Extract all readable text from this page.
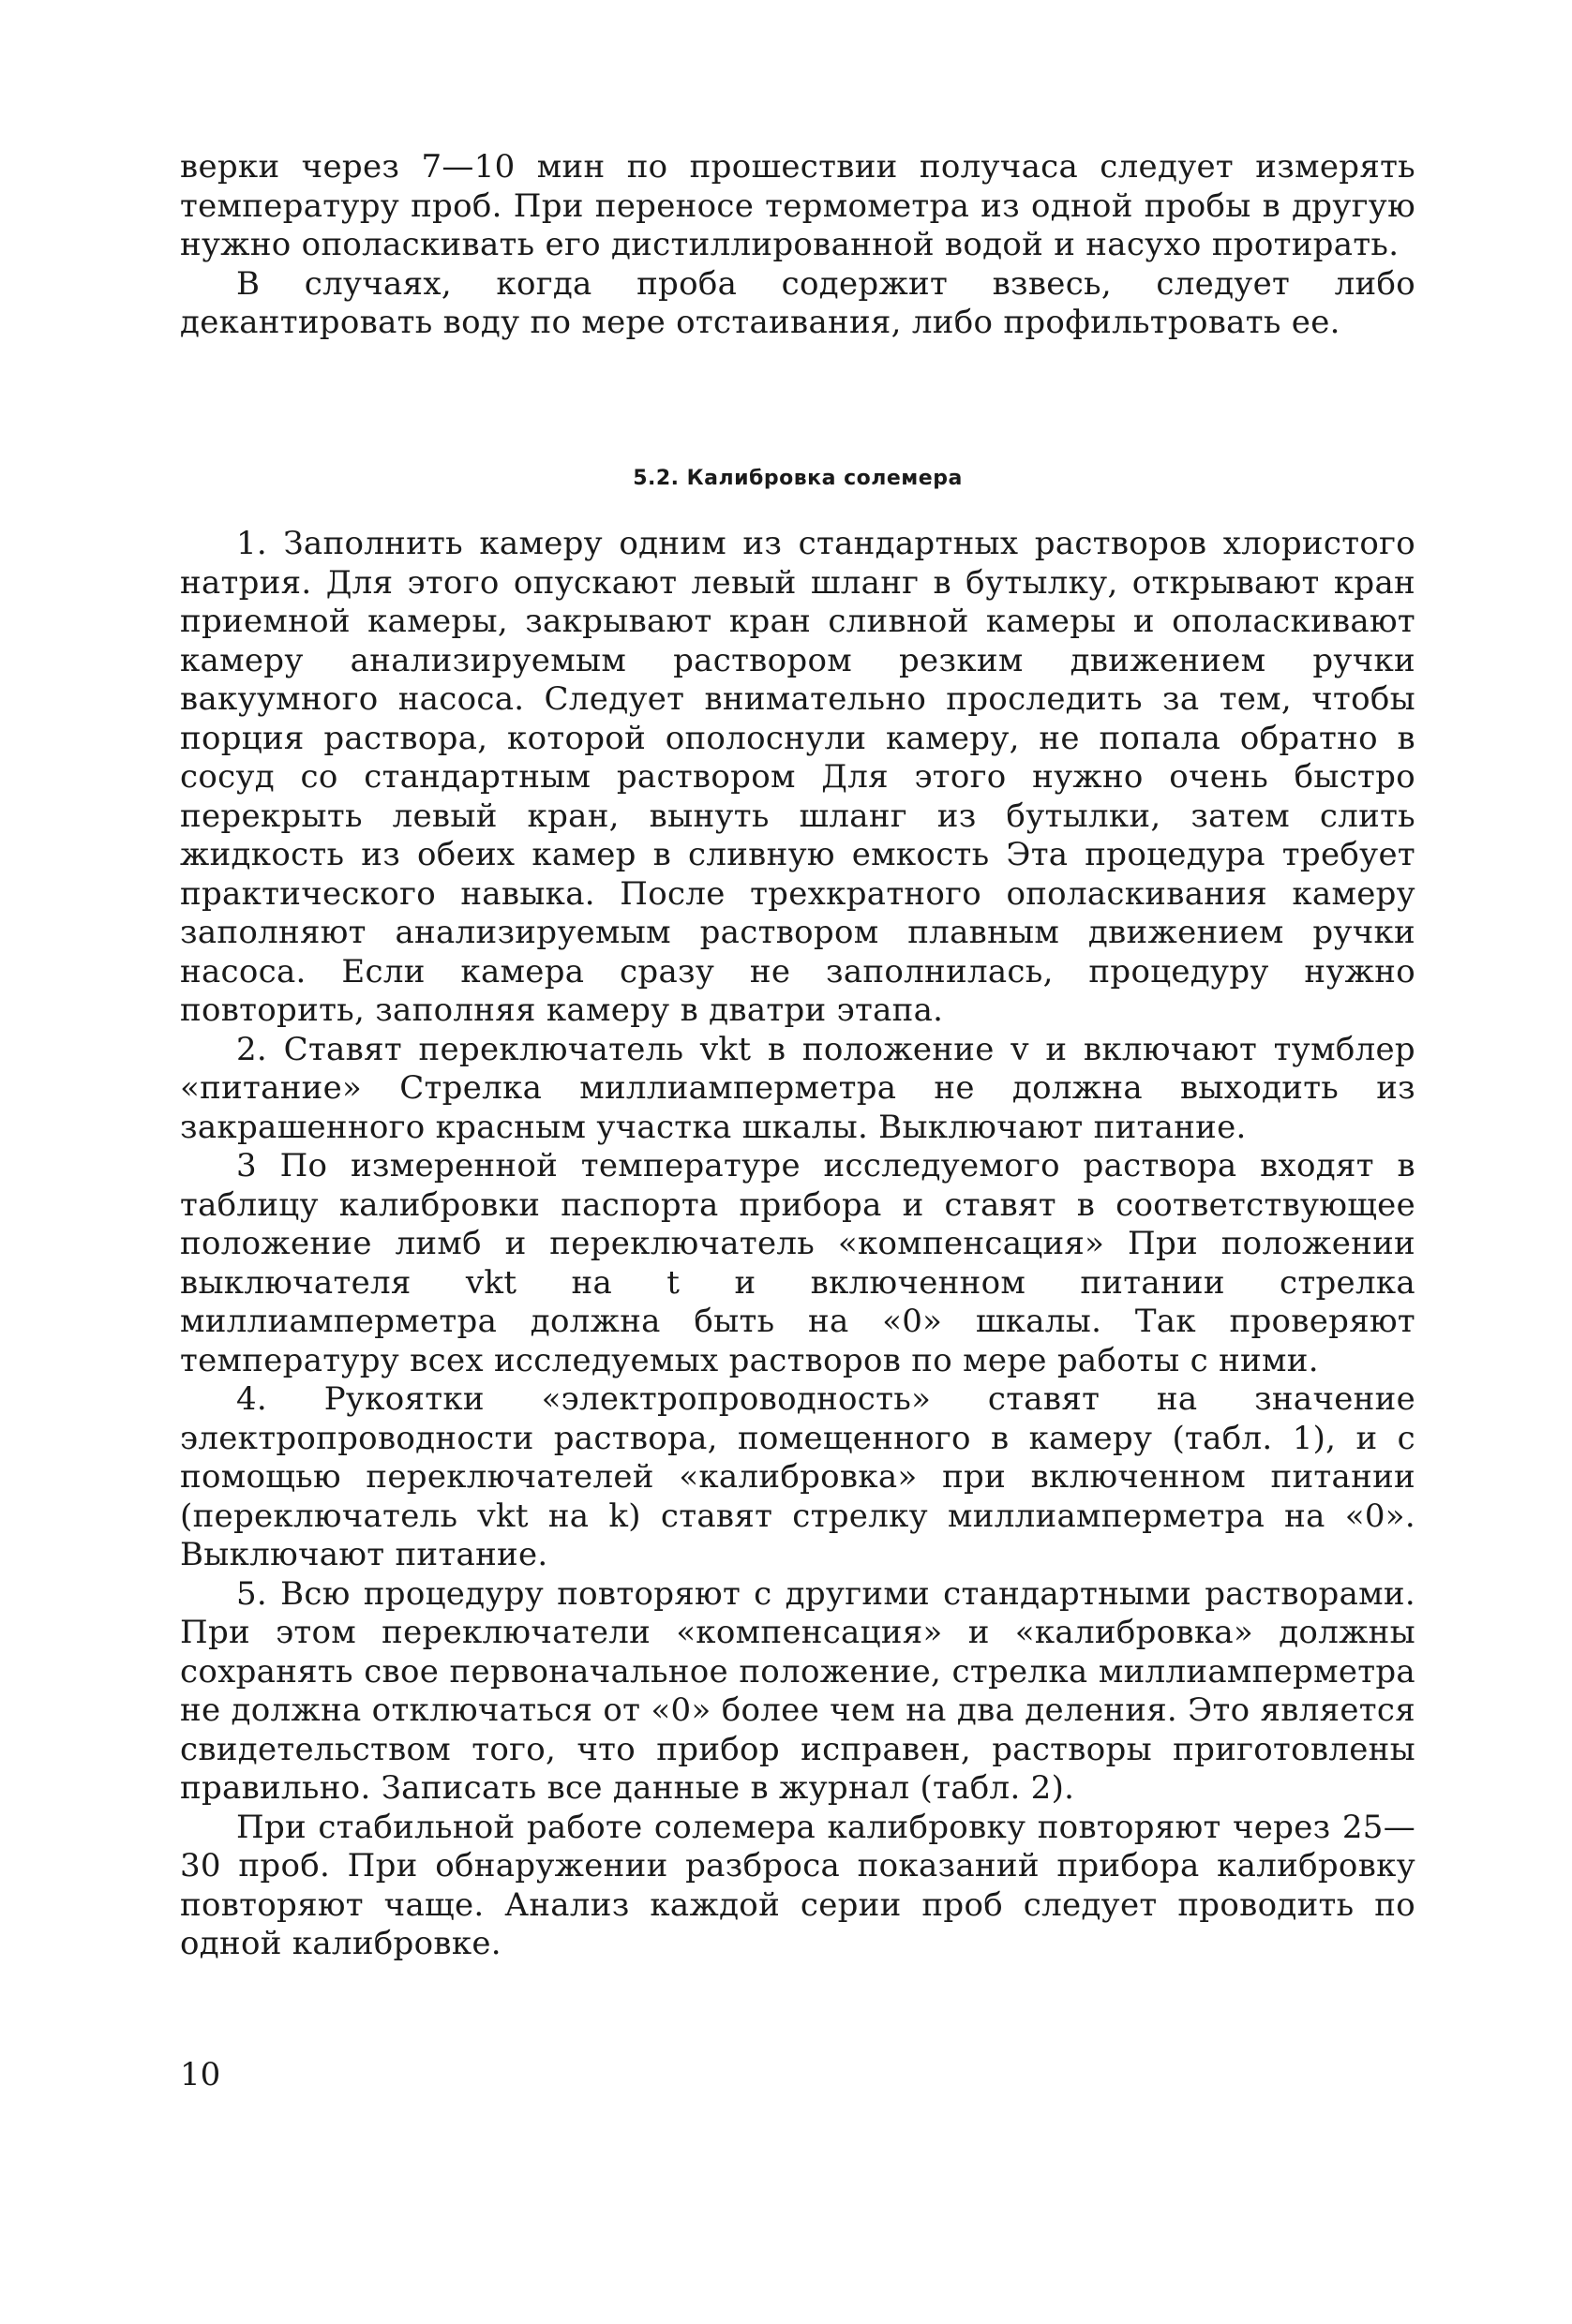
верки через 7—10 мин по прошествии получаса следует измерять температуру проб. При переносе термометра из одной пробы в другую нужно ополаскивать его дистиллированной водой и насухо протирать.

В случаях, когда проба содержит взвесь, следует либо декантировать воду по мере отстаивания, либо профильтровать ее.

5.2. Калибровка солемера

1. Заполнить камеру одним из стандартных растворов хлористого натрия. Для этого опускают левый шланг в бутылку, открывают кран приемной камеры, закрывают кран сливной камеры и ополаскивают камеру анализируемым раствором резким движением ручки вакуумного насоса. Следует внимательно проследить за тем, чтобы порция раствора, которой ополоснули камеру, не попала обратно в сосуд со стандартным раствором Для этого нужно очень быстро перекрыть левый кран, вынуть шланг из бутылки, затем слить жидкость из обеих камер в сливную емкость Эта процедура требует практического навыка. После трехкратного ополаскивания камеру заполняют анализируемым раствором плавным движением ручки насоса. Если камера сразу не заполнилась, процедуру нужно повторить, заполняя камеру в дватри этапа.

2. Ставят переключатель vkt в положение v и включают тумблер «питание» Стрелка миллиамперметра не должна выходить из закрашенного красным участка шкалы. Выключают питание.

3 По измеренной температуре исследуемого раствора входят в таблицу калибровки паспорта прибора и ставят в соответствующее положение лимб и переключатель «компенсация» При положении выключателя vkt на t и включенном питании стрелка миллиамперметра должна быть на «0» шкалы. Так проверяют температуру всех исследуемых растворов по мере работы с ними.

4. Рукоятки «электропроводность» ставят на значение электропроводности раствора, помещенного в камеру (табл. 1), и с помощью переключателей «калибровка» при включенном питании (переключатель vkt на k) ставят стрелку миллиамперметра на «0». Выключают питание.

5. Всю процедуру повторяют с другими стандартными растворами. При этом переключатели «компенсация» и «калибровка» должны сохранять свое первоначальное положение, стрелка миллиамперметра не должна отключаться от «0» более чем на два деления. Это является свидетельством того, что прибор исправен, растворы приготовлены правильно. Записать все данные в журнал (табл. 2).

При стабильной работе солемера калибровку повторяют через 25—30 проб. При обнаружении разброса показаний прибора калибровку повторяют чаще. Анализ каждой серии проб следует проводить по одной калибровке.

10
